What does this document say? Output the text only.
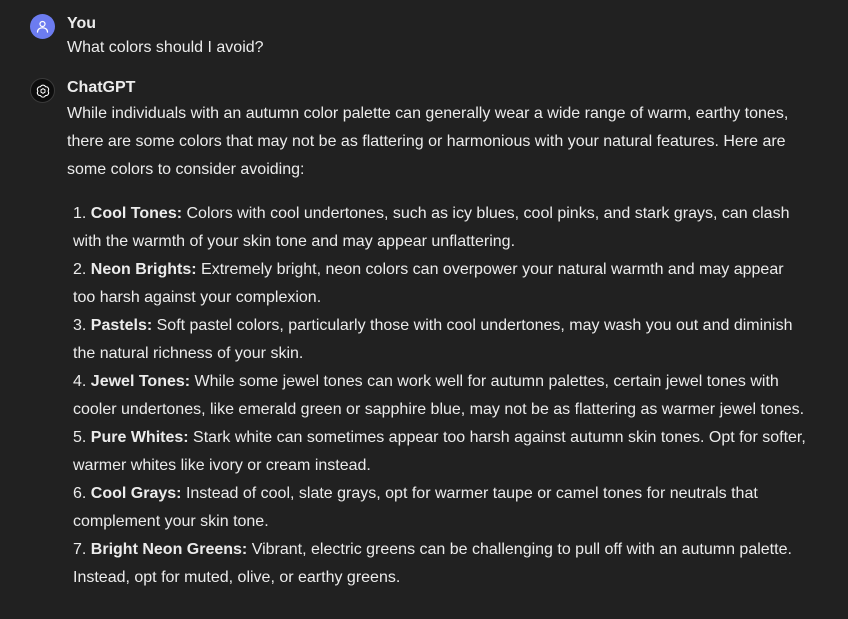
You
What colors should I avoid?
ChatGPT

While individuals with an autumn color palette can generally wear a wide range of warm, earthy tones, there are some colors that may not be as flattering or harmonious with your natural features. Here are some colors to consider avoiding:

1. Cool Tones: Colors with cool undertones, such as icy blues, cool pinks, and stark grays, can clash with the warmth of your skin tone and may appear unflattering.
2. Neon Brights: Extremely bright, neon colors can overpower your natural warmth and may appear too harsh against your complexion.
3. Pastels: Soft pastel colors, particularly those with cool undertones, may wash you out and diminish the natural richness of your skin.
4. Jewel Tones: While some jewel tones can work well for autumn palettes, certain jewel tones with cooler undertones, like emerald green or sapphire blue, may not be as flattering as warmer jewel tones.
5. Pure Whites: Stark white can sometimes appear too harsh against autumn skin tones. Opt for softer, warmer whites like ivory or cream instead.
6. Cool Grays: Instead of cool, slate grays, opt for warmer taupe or camel tones for neutrals that complement your skin tone.
7. Bright Neon Greens: Vibrant, electric greens can be challenging to pull off with an autumn palette. Instead, opt for muted, olive, or earthy greens.
